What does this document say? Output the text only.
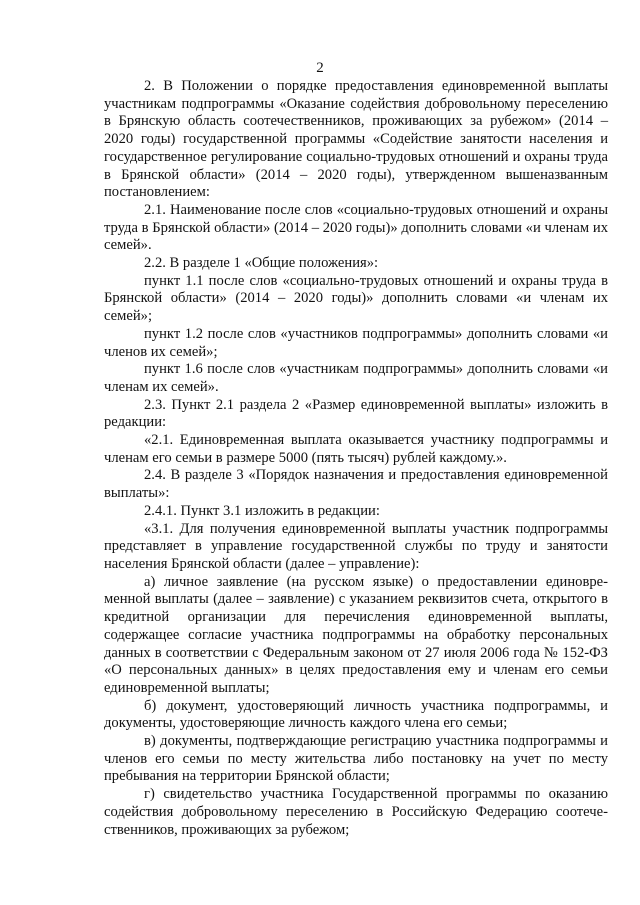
2

2. В Положении о порядке предоставления единовременной выплаты участникам подпрограммы «Оказание содействия добровольному переселению в Брянскую область соотечественников, проживающих за рубежом» (2014 – 2020 годы) государственной программы «Содействие занятости населения и государственное регулирование социально-трудовых отношений и охраны труда в Брянской области» (2014 – 2020 годы), утвержденном вышеназванным постановлением:

2.1. Наименование после слов «социально-трудовых отношений и охраны труда в Брянской области» (2014 – 2020 годы)» дополнить словами «и членам их семей».

2.2. В разделе 1 «Общие положения»:

пункт 1.1 после слов «социально-трудовых отношений и охраны труда в Брянской области» (2014 – 2020 годы)» дополнить словами «и членам их семей»;

пункт 1.2 после слов «участников подпрограммы» дополнить словами «и членов их семей»;

пункт 1.6 после слов «участникам подпрограммы» дополнить словами «и членам их семей».

2.3. Пункт 2.1 раздела 2 «Размер единовременной выплаты» изложить в редакции:

«2.1. Единовременная выплата оказывается участнику подпрограммы и членам его семьи в размере 5000 (пять тысяч) рублей каждому.».

2.4. В разделе 3 «Порядок назначения и предоставления единовременной выплаты»:

2.4.1. Пункт 3.1 изложить в редакции:

«3.1. Для получения единовременной выплаты участник подпрограммы представляет в управление государственной службы по труду и занятости населения Брянской области (далее – управление):

а) личное заявление (на русском языке) о предоставлении единовременной выплаты (далее – заявление) с указанием реквизитов счета, открытого в кредитной организации для перечисления единовременной выплаты, содержащее согласие участника подпрограммы на обработку персональных данных в соответствии с Федеральным законом от 27 июля 2006 года № 152-ФЗ «О персональных данных» в целях предоставления ему и членам его семьи единовременной выплаты;

б) документ, удостоверяющий личность участника подпрограммы, и документы, удостоверяющие личность каждого члена его семьи;

в) документы, подтверждающие регистрацию участника подпрограммы и членов его семьи по месту жительства либо постановку на учет по месту пребывания на территории Брянской области;

г) свидетельство участника Государственной программы по оказанию содействия добровольному переселению в Российскую Федерацию соотечественников, проживающих за рубежом;
